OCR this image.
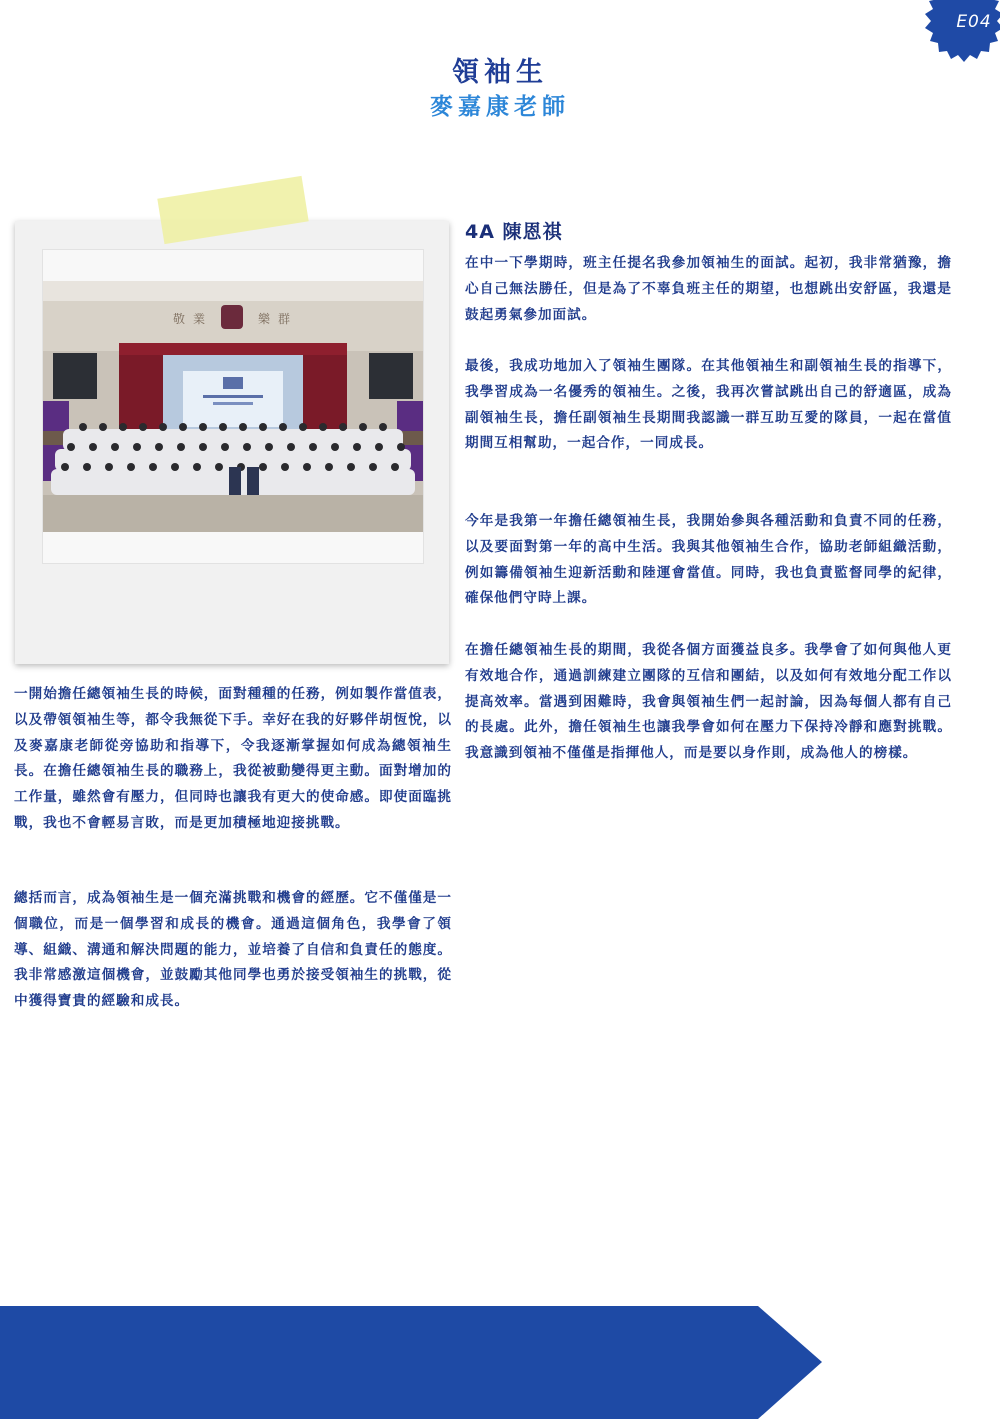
E04
領袖生
麥嘉康老師
敬 業	樂 群
4A 陳恩祺

在中一下學期時，班主任提名我參加領袖生的面試。起初，我非常猶豫，擔心自己無法勝任，但是為了不辜負班主任的期望，也想跳出安舒區，我還是鼓起勇氣參加面試。

最後，我成功地加入了領袖生團隊。在其他領袖生和副領袖生長的指導下，我學習成為一名優秀的領袖生。之後，我再次嘗試跳出自己的舒適區，成為副領袖生長，擔任副領袖生長期間我認識一群互助互愛的隊員，一起在當值期間互相幫助，一起合作，一同成長。

今年是我第一年擔任總領袖生長，我開始參與各種活動和負責不同的任務，以及要面對第一年的高中生活。我與其他領袖生合作，協助老師組織活動，例如籌備領袖生迎新活動和陸運會當值。同時，我也負責監督同學的紀律，確保他們守時上課。

在擔任總領袖生長的期間，我從各個方面獲益良多。我學會了如何與他人更有效地合作，通過訓練建立團隊的互信和團結，以及如何有效地分配工作以提高效率。當遇到困難時，我會與領袖生們一起討論，因為每個人都有自己的長處。此外，擔任領袖生也讓我學會如何在壓力下保持冷靜和應對挑戰。我意識到領袖不僅僅是指揮他人，而是要以身作則，成為他人的榜樣。

一開始擔任總領袖生長的時候，面對種種的任務，例如製作當值表，以及帶領領袖生等，都令我無從下手。幸好在我的好夥伴胡恆悅，以及麥嘉康老師從旁協助和指導下，令我逐漸掌握如何成為總領袖生長。在擔任總領袖生長的職務上，我從被動變得更主動。面對增加的工作量，雖然會有壓力，但同時也讓我有更大的使命感。即使面臨挑戰，我也不會輕易言敗，而是更加積極地迎接挑戰。

總括而言，成為領袖生是一個充滿挑戰和機會的經歷。它不僅僅是一個職位，而是一個學習和成長的機會。通過這個角色，我學會了領導、組織、溝通和解決問題的能力，並培養了自信和負責任的態度。我非常感激這個機會，並鼓勵其他同學也勇於接受領袖生的挑戰，從中獲得寶貴的經驗和成長。
